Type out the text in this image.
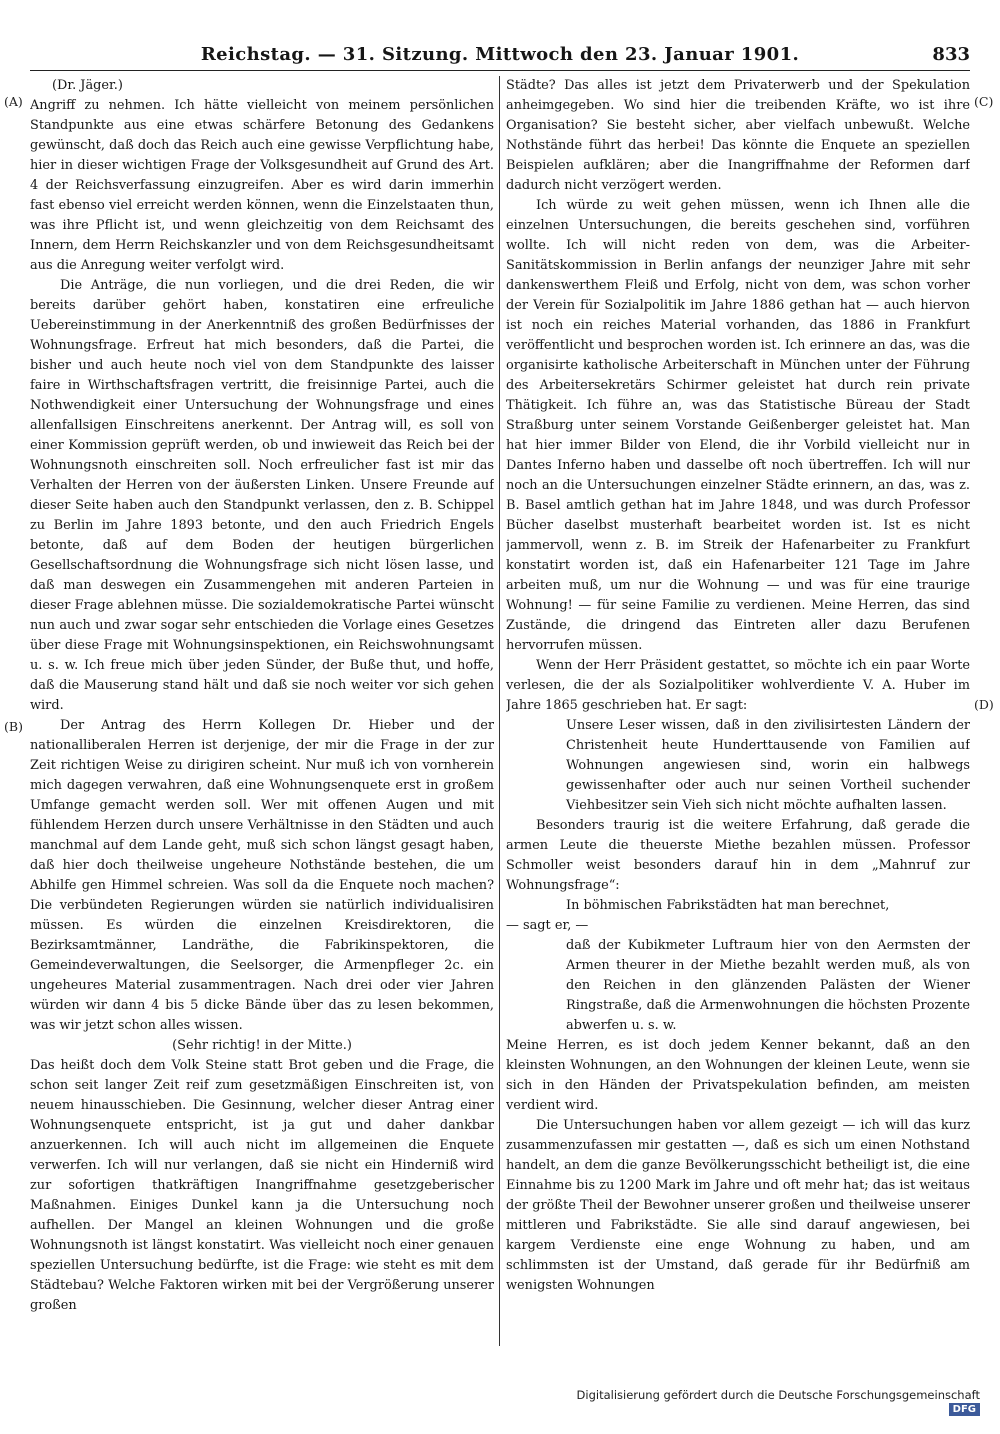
Reichstag. — 31. Sitzung. Mittwoch den 23. Januar 1901.	833
(A)
(B)
(C)
(D)

(Dr. Jäger.)

Angriff zu nehmen. Ich hätte vielleicht von meinem persönlichen Standpunkte aus eine etwas schärfere Betonung des Gedankens gewünscht, daß doch das Reich auch eine gewisse Verpflichtung habe, hier in dieser wichtigen Frage der Volksgesundheit auf Grund des Art. 4 der Reichsverfassung einzugreifen. Aber es wird darin immerhin fast ebenso viel erreicht werden können, wenn die Einzelstaaten thun, was ihre Pflicht ist, und wenn gleichzeitig von dem Reichsamt des Innern, dem Herrn Reichskanzler und von dem Reichsgesundheitsamt aus die Anregung weiter verfolgt wird.

Die Anträge, die nun vorliegen, und die drei Reden, die wir bereits darüber gehört haben, konstatiren eine erfreuliche Uebereinstimmung in der Anerkenntniß des großen Bedürfnisses der Wohnungsfrage. Erfreut hat mich besonders, daß die Partei, die bisher und auch heute noch viel von dem Standpunkte des laisser faire in Wirthschaftsfragen vertritt, die freisinnige Partei, auch die Nothwendigkeit einer Untersuchung der Wohnungsfrage und eines allenfallsigen Einschreitens anerkennt. Der Antrag will, es soll von einer Kommission geprüft werden, ob und inwieweit das Reich bei der Wohnungsnoth einschreiten soll. Noch erfreulicher fast ist mir das Verhalten der Herren von der äußersten Linken. Unsere Freunde auf dieser Seite haben auch den Standpunkt verlassen, den z. B. Schippel zu Berlin im Jahre 1893 betonte, und den auch Friedrich Engels betonte, daß auf dem Boden der heutigen bürgerlichen Gesellschaftsordnung die Wohnungsfrage sich nicht lösen lasse, und daß man deswegen ein Zusammengehen mit anderen Parteien in dieser Frage ablehnen müsse. Die sozialdemokratische Partei wünscht nun auch und zwar sogar sehr entschieden die Vorlage eines Gesetzes über diese Frage mit Wohnungsinspektionen, ein Reichswohnungsamt u. s. w. Ich freue mich über jeden Sünder, der Buße thut, und hoffe, daß die Mauserung stand hält und daß sie noch weiter vor sich gehen wird.

Der Antrag des Herrn Kollegen Dr. Hieber und der nationalliberalen Herren ist derjenige, der mir die Frage in der zur Zeit richtigen Weise zu dirigiren scheint. Nur muß ich von vornherein mich dagegen verwahren, daß eine Wohnungsenquete erst in großem Umfange gemacht werden soll. Wer mit offenen Augen und mit fühlendem Herzen durch unsere Verhältnisse in den Städten und auch manchmal auf dem Lande geht, muß sich schon längst gesagt haben, daß hier doch theilweise ungeheure Nothstände bestehen, die um Abhilfe gen Himmel schreien. Was soll da die Enquete noch machen? Die verbündeten Regierungen würden sie natürlich individualisiren müssen. Es würden die einzelnen Kreisdirektoren, die Bezirksamtmänner, Landräthe, die Fabrikinspektoren, die Gemeindeverwaltungen, die Seelsorger, die Armenpfleger 2c. ein ungeheures Material zusammentragen. Nach drei oder vier Jahren würden wir dann 4 bis 5 dicke Bände über das zu lesen bekommen, was wir jetzt schon alles wissen.

(Sehr richtig! in der Mitte.)

Das heißt doch dem Volk Steine statt Brot geben und die Frage, die schon seit langer Zeit reif zum gesetzmäßigen Einschreiten ist, von neuem hinausschieben. Die Gesinnung, welcher dieser Antrag einer Wohnungsenquete entspricht, ist ja gut und daher dankbar anzuerkennen. Ich will auch nicht im allgemeinen die Enquete verwerfen. Ich will nur verlangen, daß sie nicht ein Hinderniß wird zur sofortigen thatkräftigen Inangriffnahme gesetzgeberischer Maßnahmen. Einiges Dunkel kann ja die Untersuchung noch aufhellen. Der Mangel an kleinen Wohnungen und die große Wohnungsnoth ist längst konstatirt. Was vielleicht noch einer genauen speziellen Untersuchung bedürfte, ist die Frage: wie steht es mit dem Städtebau? Welche Faktoren wirken mit bei der Vergrößerung unserer großen

Städte? Das alles ist jetzt dem Privaterwerb und der Spekulation anheimgegeben. Wo sind hier die treibenden Kräfte, wo ist ihre Organisation? Sie besteht sicher, aber vielfach unbewußt. Welche Nothstände führt das herbei! Das könnte die Enquete an speziellen Beispielen aufklären; aber die Inangriffnahme der Reformen darf dadurch nicht verzögert werden.

Ich würde zu weit gehen müssen, wenn ich Ihnen alle die einzelnen Untersuchungen, die bereits geschehen sind, vorführen wollte. Ich will nicht reden von dem, was die Arbeiter-Sanitätskommission in Berlin anfangs der neunziger Jahre mit sehr dankenswerthem Fleiß und Erfolg, nicht von dem, was schon vorher der Verein für Sozialpolitik im Jahre 1886 gethan hat — auch hiervon ist noch ein reiches Material vorhanden, das 1886 in Frankfurt veröffentlicht und besprochen worden ist. Ich erinnere an das, was die organisirte katholische Arbeiterschaft in München unter der Führung des Arbeitersekretärs Schirmer geleistet hat durch rein private Thätigkeit. Ich führe an, was das Statistische Büreau der Stadt Straßburg unter seinem Vorstande Geißenberger geleistet hat. Man hat hier immer Bilder von Elend, die ihr Vorbild vielleicht nur in Dantes Inferno haben und dasselbe oft noch übertreffen. Ich will nur noch an die Untersuchungen einzelner Städte erinnern, an das, was z. B. Basel amtlich gethan hat im Jahre 1848, und was durch Professor Bücher daselbst musterhaft bearbeitet worden ist. Ist es nicht jammervoll, wenn z. B. im Streik der Hafenarbeiter zu Frankfurt konstatirt worden ist, daß ein Hafenarbeiter 121 Tage im Jahre arbeiten muß, um nur die Wohnung — und was für eine traurige Wohnung! — für seine Familie zu verdienen. Meine Herren, das sind Zustände, die dringend das Eintreten aller dazu Berufenen hervorrufen müssen.

Wenn der Herr Präsident gestattet, so möchte ich ein paar Worte verlesen, die der als Sozialpolitiker wohlverdiente V. A. Huber im Jahre 1865 geschrieben hat. Er sagt:

Unsere Leser wissen, daß in den zivilisirtesten Ländern der Christenheit heute Hunderttausende von Familien auf Wohnungen angewiesen sind, worin ein halbwegs gewissenhafter oder auch nur seinen Vortheil suchender Viehbesitzer sein Vieh sich nicht möchte aufhalten lassen.

Besonders traurig ist die weitere Erfahrung, daß gerade die armen Leute die theuerste Miethe bezahlen müssen. Professor Schmoller weist besonders darauf hin in dem „Mahnruf zur Wohnungsfrage“:

In böhmischen Fabrikstädten hat man berechnet,

— sagt er, —

daß der Kubikmeter Luftraum hier von den Aermsten der Armen theurer in der Miethe bezahlt werden muß, als von den Reichen in den glänzenden Palästen der Wiener Ringstraße, daß die Armenwohnungen die höchsten Prozente abwerfen u. s. w.

Meine Herren, es ist doch jedem Kenner bekannt, daß an den kleinsten Wohnungen, an den Wohnungen der kleinen Leute, wenn sie sich in den Händen der Privatspekulation befinden, am meisten verdient wird.

Die Untersuchungen haben vor allem gezeigt — ich will das kurz zusammenzufassen mir gestatten —, daß es sich um einen Nothstand handelt, an dem die ganze Bevölkerungsschicht betheiligt ist, die eine Einnahme bis zu 1200 Mark im Jahre und oft mehr hat; das ist weitaus der größte Theil der Bewohner unserer großen und theilweise unserer mittleren und Fabrikstädte. Sie alle sind darauf angewiesen, bei kargem Verdienste eine enge Wohnung zu haben, und am schlimmsten ist der Umstand, daß gerade für ihr Bedürfniß am wenigsten Wohnungen

Digitalisierung gefördert durch die Deutsche Forschungsgemeinschaft DFG
